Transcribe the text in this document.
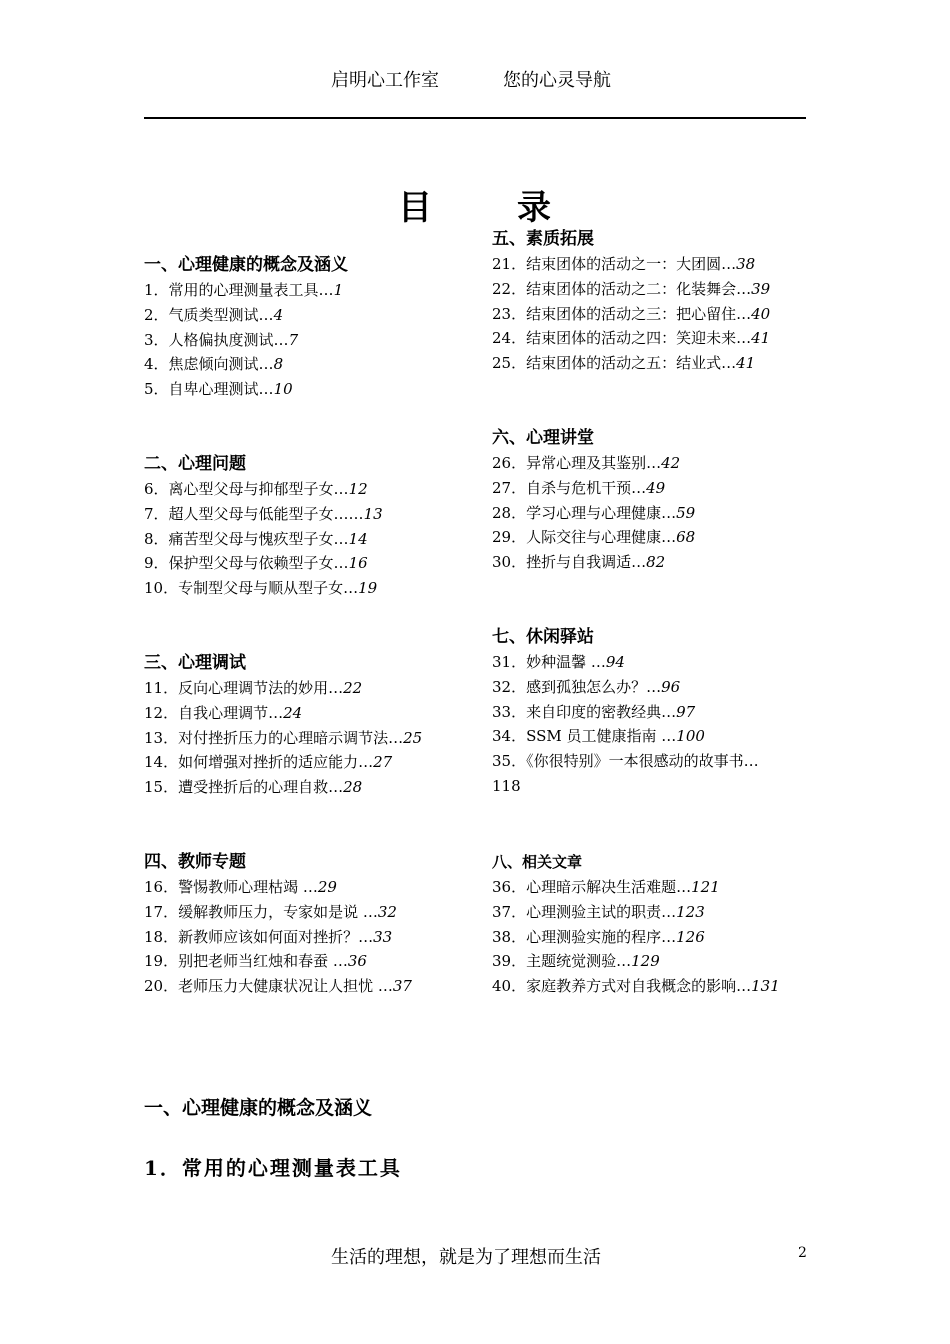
启明心工作室	您的心灵导航
目录
一、心理健康的概念及涵义
1．常用的心理测量表工具…1
2．气质类型测试…4
3．人格偏执度测试…7
4．焦虑倾向测试…8
5．自卑心理测试…10
二、心理问题
6．离心型父母与抑郁型子女…12
7．超人型父母与低能型子女……13
8．痛苦型父母与愧疚型子女…14
9．保护型父母与依赖型子女…16
10．专制型父母与顺从型子女…19
三、心理调试
11．反向心理调节法的妙用…22
12．自我心理调节…24
13．对付挫折压力的心理暗示调节法…25
14．如何增强对挫折的适应能力…27
15．遭受挫折后的心理自救…28
四、教师专题
16．警惕教师心理枯竭 …29
17．缓解教师压力，专家如是说 …32
18．新教师应该如何面对挫折？…33
19．别把老师当红烛和春蚕 …36
20．老师压力大健康状况让人担忧 …37
五、素质拓展
21．结束团体的活动之一：大团圆…38
22．结束团体的活动之二：化装舞会…39
23．结束团体的活动之三：把心留住…40
24．结束团体的活动之四：笑迎未来…41
25．结束团体的活动之五：结业式…41
六、心理讲堂
26．异常心理及其鉴别…42
27．自杀与危机干预…49
28．学习心理与心理健康…59
29．人际交往与心理健康…68
30．挫折与自我调适…82
七、休闲驿站
31．妙种温馨 …94
32．感到孤独怎么办？…96
33．来自印度的密教经典…97
34．SSM 员工健康指南 …100
35．《你很特别》一本很感动的故事书…
118
八、相关文章
36．心理暗示解决生活难题…121
37．心理测验主试的职责…123
38．心理测验实施的程序…126
39．主题统觉测验…129
40．家庭教养方式对自我概念的影响…131
一、心理健康的概念及涵义
1．常用的心理测量表工具
生活的理想，就是为了理想而生活	2
